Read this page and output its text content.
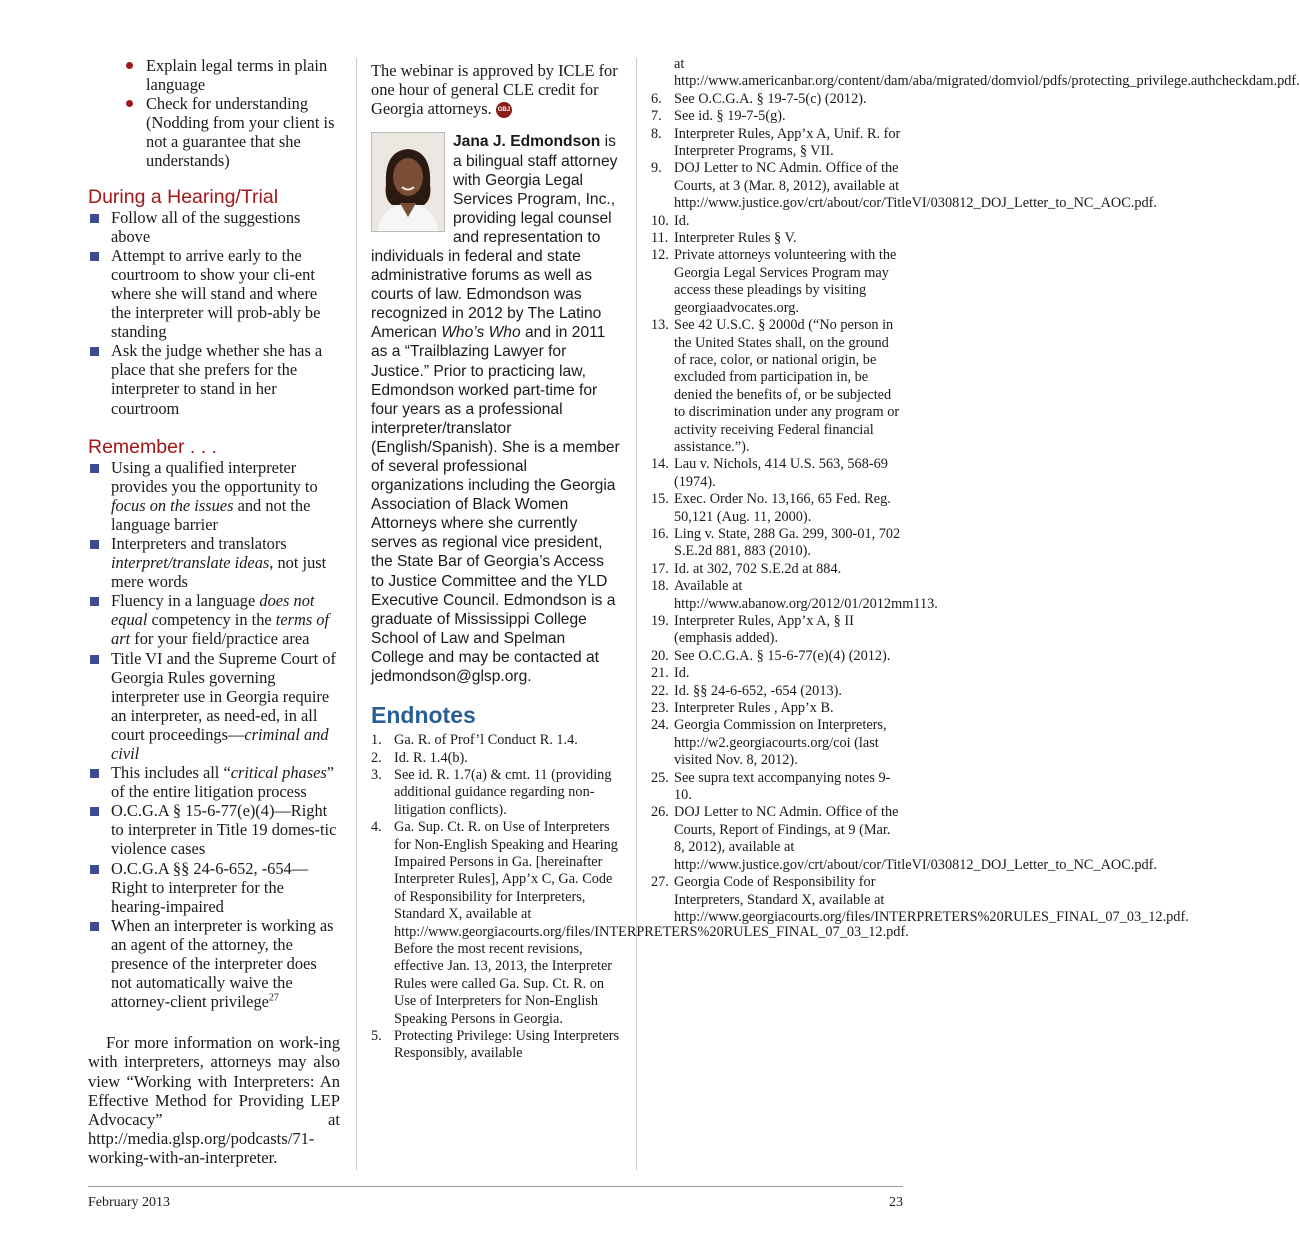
Explain legal terms in plain language
Check for understanding (Nodding from your client is not a guarantee that she understands)
During a Hearing/Trial
Follow all of the suggestions above
Attempt to arrive early to the courtroom to show your cli-ent where she will stand and where the interpreter will prob-ably be standing
Ask the judge whether she has a place that she prefers for the interpreter to stand in her courtroom
Remember . . .
Using a qualified interpreter provides you the opportunity to focus on the issues and not the language barrier
Interpreters and translators interpret/translate ideas, not just mere words
Fluency in a language does not equal competency in the terms of art for your field/practice area
Title VI and the Supreme Court of Georgia Rules governing interpreter use in Georgia require an interpreter, as need-ed, in all court proceedings—criminal and civil
This includes all “critical phases” of the entire litigation process
O.C.G.A § 15-6-77(e)(4)—Right to interpreter in Title 19 domes-tic violence cases
O.C.G.A §§ 24-6-652, -654—Right to interpreter for the hearing-impaired
When an interpreter is working as an agent of the attorney, the presence of the interpreter does not automatically waive the attorney-client privilege$^{27}$

For more information on work-ing with interpreters, attorneys may also view “Working with Interpreters: An Effective Method for Providing LEP Advocacy” at http://media.glsp.org/podcasts/71-working-with-an-interpreter.

The webinar is approved by ICLE for one hour of general CLE credit for Georgia attorneys. GBJ

Jana J. Edmondson is a bilingual staff attorney with Georgia Legal Services Program, Inc., providing legal counsel and representation to individuals in federal and state administrative forums as well as courts of law. Edmondson was recognized in 2012 by The Latino American Who’s Who and in 2011 as a “Trailblazing Lawyer for Justice.” Prior to practicing law, Edmondson worked part-time for four years as a professional interpreter/translator (English/Spanish). She is a member of several professional organizations including the Georgia Association of Black Women Attorneys where she currently serves as regional vice president, the State Bar of Georgia’s Access to Justice Committee and the YLD Executive Council. Edmondson is a graduate of Mississippi College School of Law and Spelman College and may be contacted at jedmondson@glsp.org.
Endnotes
1. Ga. R. of Prof’l Conduct R. 1.4.
2. Id. R. 1.4(b).
3. See id. R. 1.7(a) & cmt. 11 (providing additional guidance regarding non-litigation conflicts).
4. Ga. Sup. Ct. R. on Use of Interpreters for Non-English Speaking and Hearing Impaired Persons in Ga. [hereinafter Interpreter Rules], App’x C, Ga. Code of Responsibility for Interpreters, Standard X, available at http://www.georgiacourts.org/files/INTERPRETERS%20RULES_FINAL_07_03_12.pdf. Before the most recent revisions, effective Jan. 13, 2013, the Interpreter Rules were called Ga. Sup. Ct. R. on Use of Interpreters for Non-English Speaking Persons in Georgia.
5. Protecting Privilege: Using Interpreters Responsibly, available
at http://www.americanbar.org/content/dam/aba/migrated/domviol/pdfs/protecting_privilege.authcheckdam.pdf.
6. See O.C.G.A. § 19-7-5(c) (2012).
7. See id. § 19-7-5(g).
8. Interpreter Rules, App’x A, Unif. R. for Interpreter Programs, § VII.
9. DOJ Letter to NC Admin. Office of the Courts, at 3 (Mar. 8, 2012), available at http://www.justice.gov/crt/about/cor/TitleVI/030812_DOJ_Letter_to_NC_AOC.pdf.
10. Id.
11. Interpreter Rules § V.
12. Private attorneys volunteering with the Georgia Legal Services Program may access these pleadings by visiting georgiaadvocates.org.
13. See 42 U.S.C. § 2000d (“No person in the United States shall, on the ground of race, color, or national origin, be excluded from participation in, be denied the benefits of, or be subjected to discrimination under any program or activity receiving Federal financial assistance.”).
14. Lau v. Nichols, 414 U.S. 563, 568-69 (1974).
15. Exec. Order No. 13,166, 65 Fed. Reg. 50,121 (Aug. 11, 2000).
16. Ling v. State, 288 Ga. 299, 300-01, 702 S.E.2d 881, 883 (2010).
17. Id. at 302, 702 S.E.2d at 884.
18. Available at http://www.abanow.org/2012/01/2012mm113.
19. Interpreter Rules, App’x A, § II (emphasis added).
20. See O.C.G.A. § 15-6-77(e)(4) (2012).
21. Id.
22. Id. §§ 24-6-652, -654 (2013).
23. Interpreter Rules , App’x B.
24. Georgia Commission on Interpreters, http://w2.georgiacourts.org/coi (last visited Nov. 8, 2012).
25. See supra text accompanying notes 9-10.
26. DOJ Letter to NC Admin. Office of the Courts, Report of Findings, at 9 (Mar. 8, 2012), available at http://www.justice.gov/crt/about/cor/TitleVI/030812_DOJ_Letter_to_NC_AOC.pdf.
27. Georgia Code of Responsibility for Interpreters, Standard X, available at http://www.georgiacourts.org/files/INTERPRETERS%20RULES_FINAL_07_03_12.pdf.
February 2013	23
